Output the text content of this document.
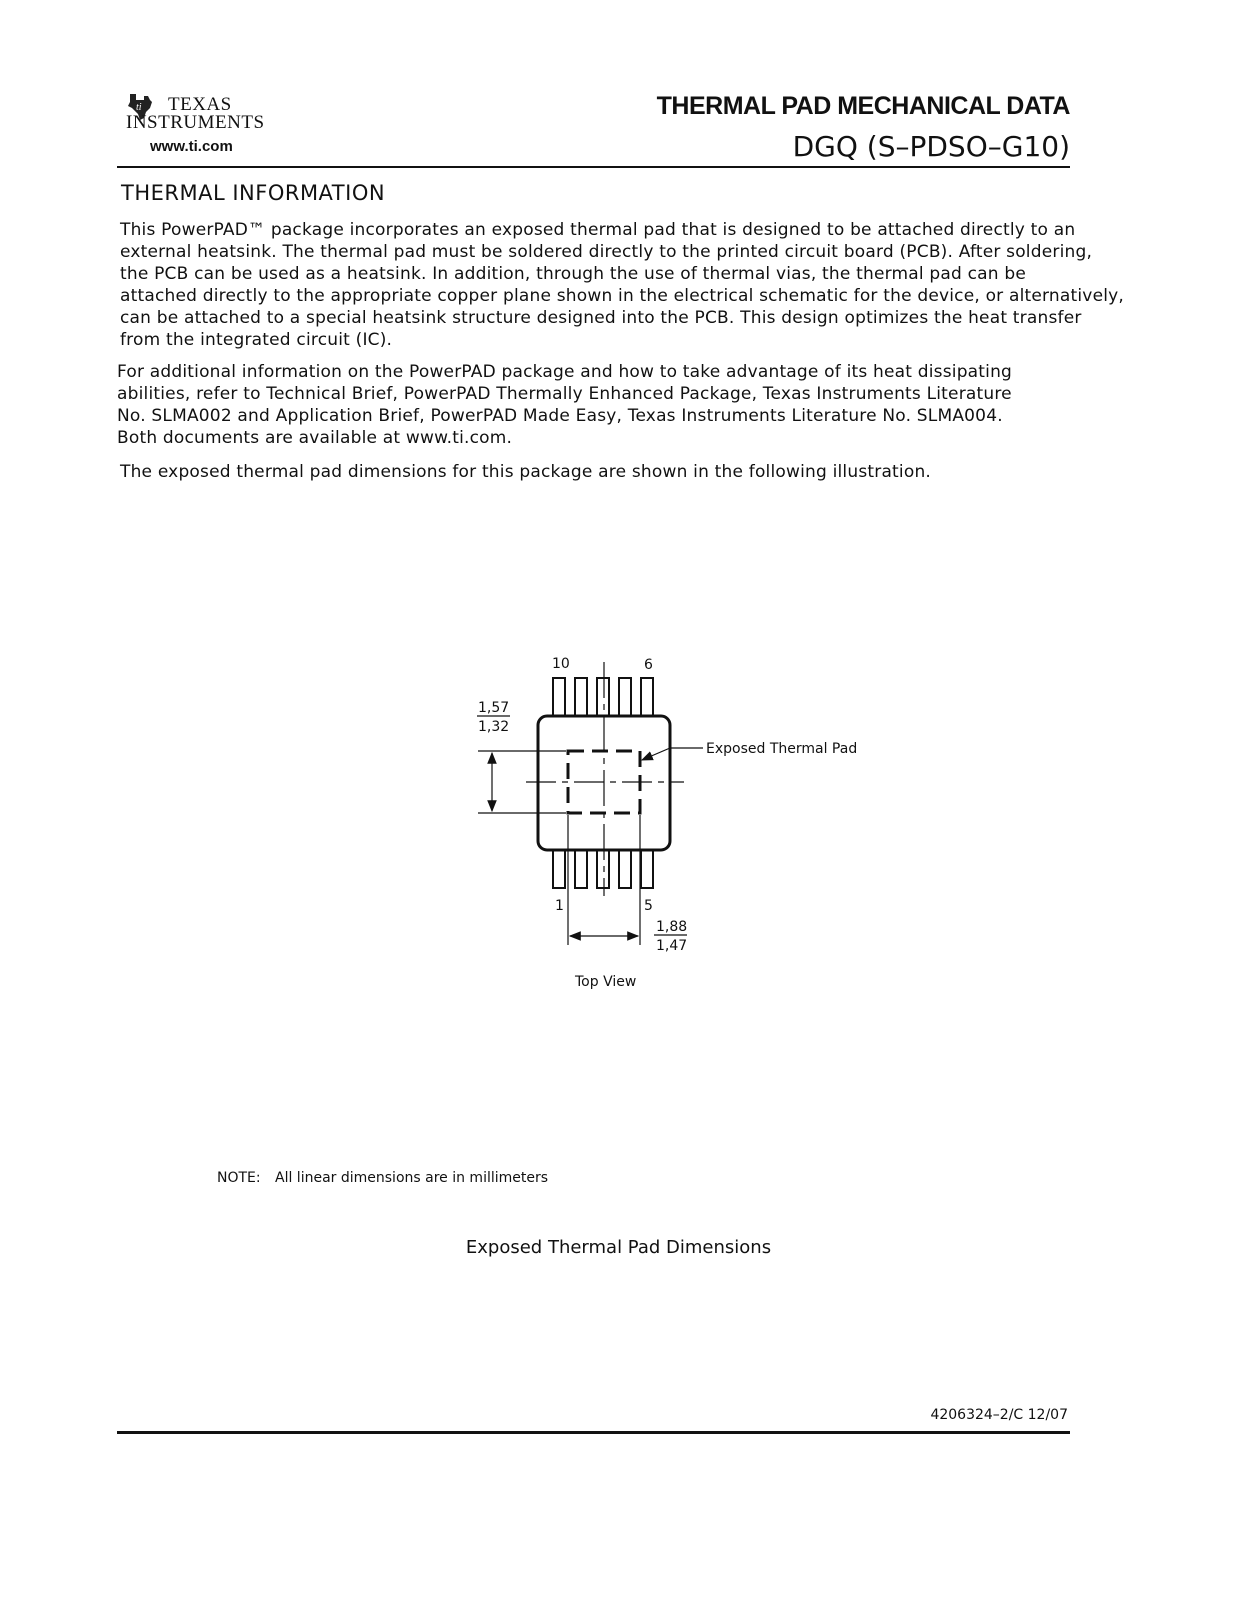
ti	TEXAS
INSTRUMENTS
www.ti.com
THERMAL PAD MECHANICAL DATA
DGQ (S–PDSO–G10)
THERMAL INFORMATION
This PowerPAD™ package incorporates an exposed thermal pad that is designed to be attached directly to an
external heatsink. The thermal pad must be soldered directly to the printed circuit board (PCB). After soldering,
the PCB can be used as a heatsink. In addition, through the use of thermal vias, the thermal pad can be
attached directly to the appropriate copper plane shown in the electrical schematic for the device, or alternatively,
can be attached to a special heatsink structure designed into the PCB. This design optimizes the heat transfer
from the integrated circuit (IC).
For additional information on the PowerPAD package and how to take advantage of its heat dissipating
abilities, refer to Technical Brief, PowerPAD Thermally Enhanced Package, Texas Instruments Literature
No. SLMA002 and Application Brief, PowerPAD Made Easy, Texas Instruments Literature No. SLMA004.
Both documents are available at www.ti.com.
The exposed thermal pad dimensions for this package are shown in the following illustration.
10	6
1	5
1,57
1,32
1,88
1,47
Exposed Thermal Pad
Top View
NOTE: All linear dimensions are in millimeters
Exposed Thermal Pad Dimensions
4206324–2/C 12/07
